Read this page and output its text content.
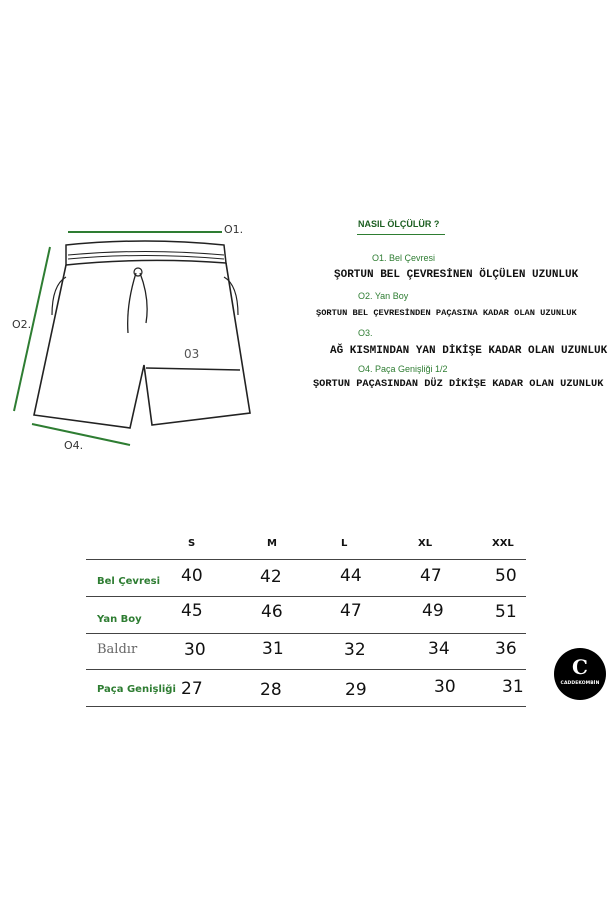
O1.
O2.
03
O4.
NASIL ÖLÇÜLÜR ?
O1. Bel Çevresi
ŞORTUN BEL ÇEVRESİNEN ÖLÇÜLEN UZUNLUK
O2. Yan Boy
ŞORTUN BEL ÇEVRESİNDEN PAÇASINA KADAR OLAN UZUNLUK
O3.
AĞ KISMINDAN YAN DİKİŞE KADAR OLAN UZUNLUK
O4. Paça Genişliği 1/2
ŞORTUN PAÇASINDAN DÜZ DİKİŞE KADAR OLAN UZUNLUK
S	M	L	XL	XXL
Bel Çevresi 40	42	44	47	50
Yan Boy 45	46	47	49	51
Baldır	30	31	32	34	36
Paça Genişliği 27	28	29	30	31
C
CADDEKOMBİN
